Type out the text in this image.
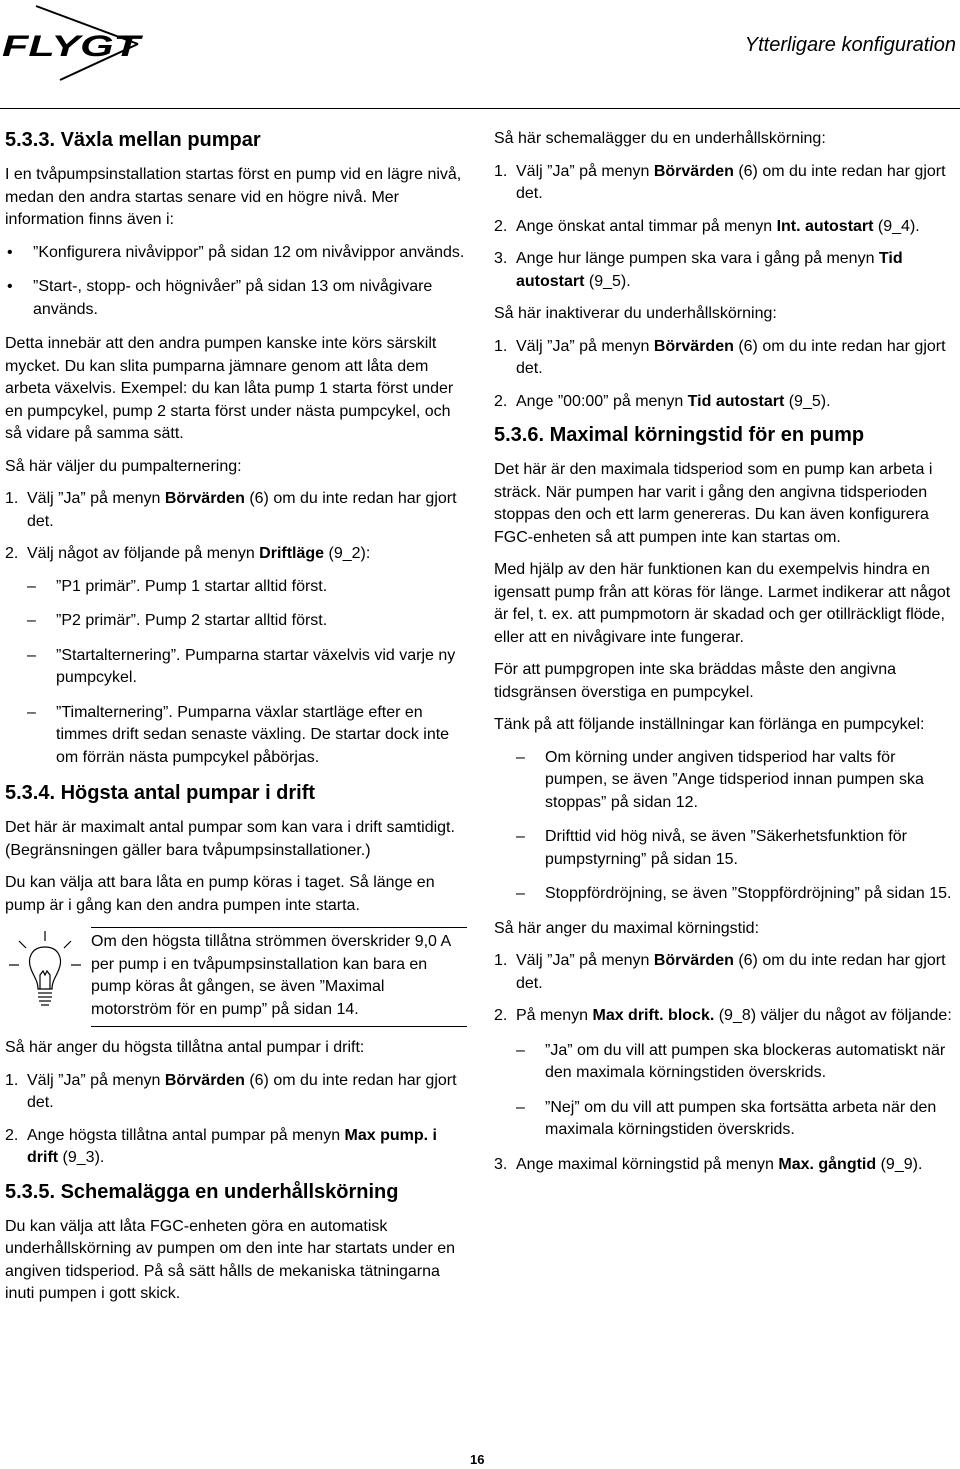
FLYGT	Ytterligare konfiguration
5.3.3. Växla mellan pumpar

I en tvåpumpsinstallation startas först en pump vid en lägre nivå, medan den andra startas senare vid en högre nivå. Mer information finns även i:

• ”Konfigurera nivåvippor” på sidan 12 om nivåvippor används.
• ”Start-, stopp- och högnivåer” på sidan 13 om nivågivare används.

Detta innebär att den andra pumpen kanske inte körs särskilt mycket. Du kan slita pumparna jämnare genom att låta dem arbeta växelvis. Exempel: du kan låta pump 1 starta först under en pumpcykel, pump 2 starta först under nästa pumpcykel, och så vidare på samma sätt.

Så här väljer du pumpalternering:

1. Välj ”Ja” på menyn Börvärden (6) om du inte redan har gjort det.
2. Välj något av följande på menyn Driftläge (9_2):
– ”P1 primär”. Pump 1 startar alltid först.
– ”P2 primär”. Pump 2 startar alltid först.
– ”Startalternering”. Pumparna startar växelvis vid varje ny pumpcykel.
– ”Timalternering”. Pumparna växlar startläge efter en timmes drift sedan senaste växling. De startar dock inte om förrän nästa pumpcykel påbörjas.
5.3.4. Högsta antal pumpar i drift

Det här är maximalt antal pumpar som kan vara i drift samtidigt. (Begränsningen gäller bara tvåpumpsinstallationer.)

Du kan välja att bara låta en pump köras i taget. Så länge en pump är i gång kan den andra pumpen inte starta.

Om den högsta tillåtna strömmen överskrider 9,0 A per pump i en tvåpumpsinstallation kan bara en pump köras åt gången, se även ”Maximal motorström för en pump” på sidan 14.

Så här anger du högsta tillåtna antal pumpar i drift:

1. Välj ”Ja” på menyn Börvärden (6) om du inte redan har gjort det.
2. Ange högsta tillåtna antal pumpar på menyn Max pump. i drift (9_3).
5.3.5. Schemalägga en underhållskörning

Du kan välja att låta FGC-enheten göra en automatisk underhållskörning av pumpen om den inte har startats under en angiven tidsperiod. På så sätt hålls de mekaniska tätningarna inuti pumpen i gott skick.

Så här schemalägger du en underhållskörning:

1. Välj ”Ja” på menyn Börvärden (6) om du inte redan har gjort det.
2. Ange önskat antal timmar på menyn Int. autostart (9_4).
3. Ange hur länge pumpen ska vara i gång på menyn Tid autostart (9_5).

Så här inaktiverar du underhållskörning:

1. Välj ”Ja” på menyn Börvärden (6) om du inte redan har gjort det.
2. Ange ”00:00” på menyn Tid autostart (9_5).
5.3.6. Maximal körningstid för en pump

Det här är den maximala tidsperiod som en pump kan arbeta i sträck. När pumpen har varit i gång den angivna tidsperioden stoppas den och ett larm genereras. Du kan även konfigurera FGC-enheten så att pumpen inte kan startas om.

Med hjälp av den här funktionen kan du exempelvis hindra en igensatt pump från att köras för länge. Larmet indikerar att något är fel, t. ex. att pumpmotorn är skadad och ger otillräckligt flöde, eller att en nivågivare inte fungerar.

För att pumpgropen inte ska bräddas måste den angivna tidsgränsen överstiga en pumpcykel.

Tänk på att följande inställningar kan förlänga en pumpcykel:

– Om körning under angiven tidsperiod har valts för pumpen, se även ”Ange tidsperiod innan pumpen ska stoppas” på sidan 12.
– Drifttid vid hög nivå, se även ”Säkerhetsfunktion för pumpstyrning” på sidan 15.
– Stoppfördröjning, se även ”Stoppfördröjning” på sidan 15.

Så här anger du maximal körningstid:

1. Välj ”Ja” på menyn Börvärden (6) om du inte redan har gjort det.
2. På menyn Max drift. block. (9_8) väljer du något av följande:
– ”Ja” om du vill att pumpen ska blockeras automatiskt när den maximala körningstiden överskrids.
– ”Nej” om du vill att pumpen ska fortsätta arbeta när den maximala körningstiden överskrids.
3. Ange maximal körningstid på menyn Max. gångtid (9_9).
16
